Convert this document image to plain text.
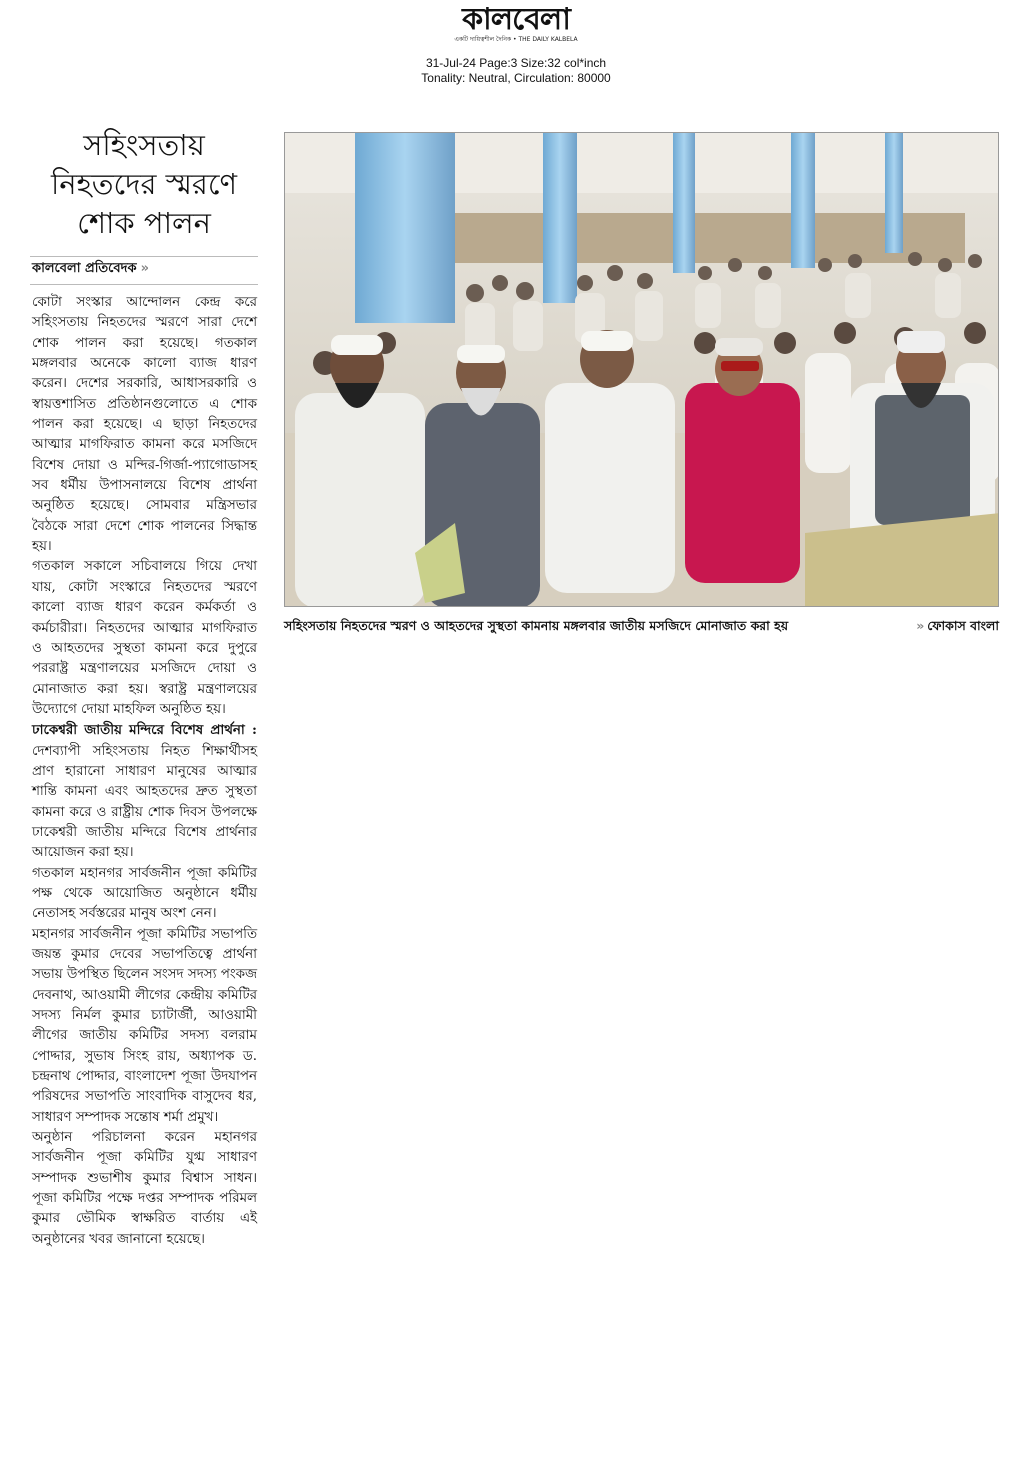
কালবেলা
একটি দায়িত্বশীল দৈনিক • THE DAILY KALBELA
31-Jul-24 Page:3 Size:32 col*inch
Tonality: Neutral, Circulation: 80000
সহিংসতায়
নিহতদের স্মরণে
শোক পালন
কালবেলা প্রতিবেদক »

কোটা সংস্কার আন্দোলন কেন্দ্র করে সহিংসতায় নিহতদের স্মরণে সারা দেশে শোক পালন করা হয়েছে। গতকাল মঙ্গলবার অনেকে কালো ব্যাজ ধারণ করেন। দেশের সরকারি, আধাসরকারি ও স্বায়ত্তশাসিত প্রতিষ্ঠানগুলোতে এ শোক পালন করা হয়েছে। এ ছাড়া নিহতদের আত্মার মাগফিরাত কামনা করে মসজিদে বিশেষ দোয়া ও মন্দির-গির্জা-প্যাগোডাসহ সব ধর্মীয় উপাসনালয়ে বিশেষ প্রার্থনা অনুষ্ঠিত হয়েছে। সোমবার মন্ত্রিসভার বৈঠকে সারা দেশে শোক পালনের সিদ্ধান্ত হয়।

গতকাল সকালে সচিবালয়ে গিয়ে দেখা যায়, কোটা সংস্কারে নিহতদের স্মরণে কালো ব্যাজ ধারণ করেন কর্মকর্তা ও কর্মচারীরা। নিহতদের আত্মার মাগফিরাত ও আহতদের সুস্থতা কামনা করে দুপুরে পররাষ্ট্র মন্ত্রণালয়ের মসজিদে দোয়া ও মোনাজাত করা হয়। স্বরাষ্ট্র মন্ত্রণালয়ের উদ্যোগে দোয়া মাহফিল অনুষ্ঠিত হয়।

ঢাকেশ্বরী জাতীয় মন্দিরে বিশেষ প্রার্থনা : দেশব্যাপী সহিংসতায় নিহত শিক্ষার্থীসহ প্রাণ হারানো সাধারণ মানুষের আত্মার শান্তি কামনা এবং আহতদের দ্রুত সুস্থতা কামনা করে ও রাষ্ট্রীয় শোক দিবস উপলক্ষে ঢাকেশ্বরী জাতীয় মন্দিরে বিশেষ প্রার্থনার আয়োজন করা হয়।

গতকাল মহানগর সার্বজনীন পূজা কমিটির পক্ষ থেকে আয়োজিত অনুষ্ঠানে ধর্মীয় নেতাসহ সর্বস্তরের মানুষ অংশ নেন।

মহানগর সার্বজনীন পূজা কমিটির সভাপতি জয়ন্ত কুমার দেবের সভাপতিত্বে প্রার্থনা সভায় উপস্থিত ছিলেন সংসদ সদস্য পংকজ দেবনাথ, আওয়ামী লীগের কেন্দ্রীয় কমিটির সদস্য নির্মল কুমার চ্যাটার্জী, আওয়ামী লীগের জাতীয় কমিটির সদস্য বলরাম পোদ্দার, সুভাষ সিংহ রায়, অধ্যাপক ড. চন্দ্রনাথ পোদ্দার, বাংলাদেশ পূজা উদযাপন পরিষদের সভাপতি সাংবাদিক বাসুদেব ধর, সাধারণ সম্পাদক সন্তোষ শর্মা প্রমুখ।

অনুষ্ঠান পরিচালনা করেন মহানগর সার্বজনীন পূজা কমিটির যুগ্ম সাধারণ সম্পাদক শুভাশীষ কুমার বিশ্বাস সাধন। পূজা কমিটির পক্ষে দপ্তর সম্পাদক পরিমল কুমার ভৌমিক স্বাক্ষরিত বার্তায় এই অনুষ্ঠানের খবর জানানো হয়েছে।

সহিংসতায় নিহতদের স্মরণ ও আহতদের সুস্থতা কামনায় মঙ্গলবার জাতীয় মসজিদে মোনাজাত করা হয়	» ফোকাস বাংলা
